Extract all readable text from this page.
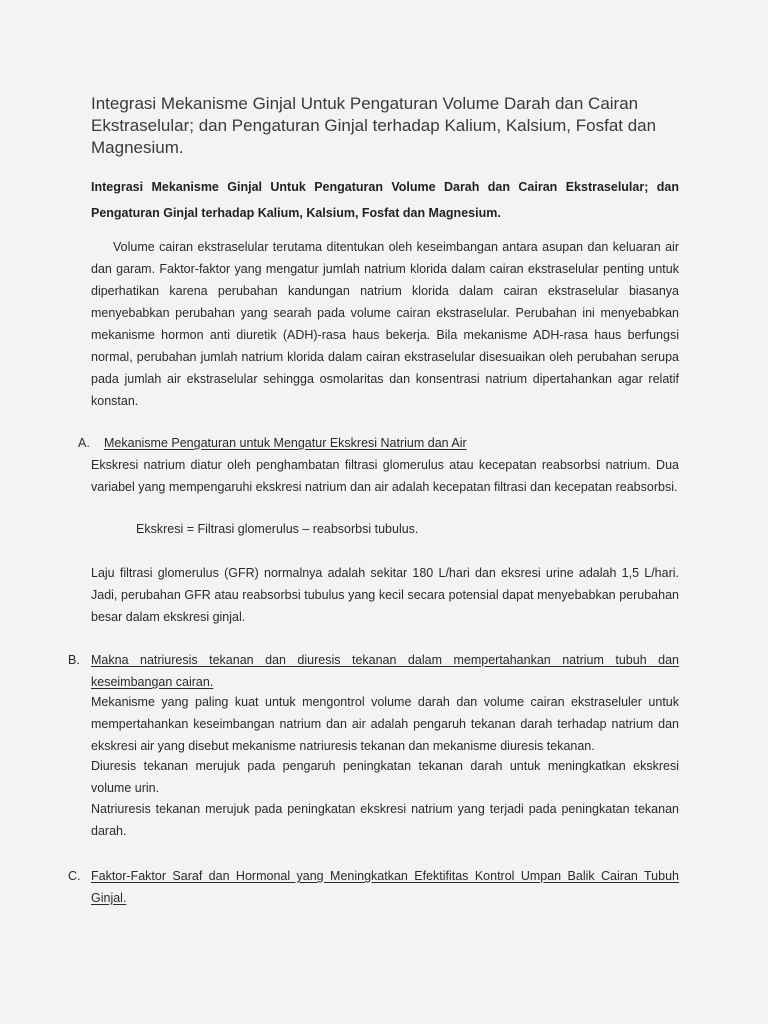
Integrasi Mekanisme Ginjal Untuk Pengaturan Volume Darah dan Cairan Ekstraselular; dan Pengaturan Ginjal terhadap Kalium, Kalsium, Fosfat dan Magnesium.
Integrasi Mekanisme Ginjal Untuk Pengaturan Volume Darah dan Cairan Ekstraselular; dan Pengaturan Ginjal terhadap Kalium, Kalsium, Fosfat dan Magnesium.
Volume cairan ekstraselular terutama ditentukan oleh keseimbangan antara asupan dan keluaran air dan garam. Faktor-faktor yang mengatur jumlah natrium klorida dalam cairan ekstraselular penting untuk diperhatikan karena perubahan kandungan natrium klorida dalam cairan ekstraselular biasanya menyebabkan perubahan yang searah pada volume cairan ekstraselular. Perubahan ini menyebabkan mekanisme hormon anti diuretik (ADH)-rasa haus bekerja. Bila mekanisme ADH-rasa haus berfungsi normal, perubahan jumlah natrium klorida dalam cairan ekstraselular disesuaikan oleh perubahan serupa pada jumlah air ekstraselular sehingga osmolaritas dan konsentrasi natrium dipertahankan agar relatif konstan.
A. Mekanisme Pengaturan untuk Mengatur Ekskresi Natrium dan Air
Ekskresi natrium diatur oleh penghambatan filtrasi glomerulus atau kecepatan reabsorbsi natrium. Dua variabel yang mempengaruhi ekskresi natrium dan air adalah kecepatan filtrasi dan kecepatan reabsorbsi.
Ekskresi = Filtrasi glomerulus – reabsorbsi tubulus.
Laju filtrasi glomerulus (GFR) normalnya adalah sekitar 180 L/hari dan eksresi urine adalah 1,5 L/hari. Jadi, perubahan GFR atau reabsorbsi tubulus yang kecil secara potensial dapat menyebabkan perubahan besar dalam ekskresi ginjal.
B. Makna natriuresis tekanan dan diuresis tekanan dalam mempertahankan natrium tubuh dan keseimbangan cairan.
Mekanisme yang paling kuat untuk mengontrol volume darah dan volume cairan ekstraseluler untuk mempertahankan keseimbangan natrium dan air adalah pengaruh tekanan darah terhadap natrium dan ekskresi air yang disebut mekanisme natriuresis tekanan dan mekanisme diuresis tekanan.
Diuresis tekanan merujuk pada pengaruh peningkatan tekanan darah untuk meningkatkan ekskresi volume urin.
Natriuresis tekanan merujuk pada peningkatan ekskresi natrium yang terjadi pada peningkatan tekanan darah.
C. Faktor-Faktor Saraf dan Hormonal yang Meningkatkan Efektifitas Kontrol Umpan Balik Cairan Tubuh Ginjal.
